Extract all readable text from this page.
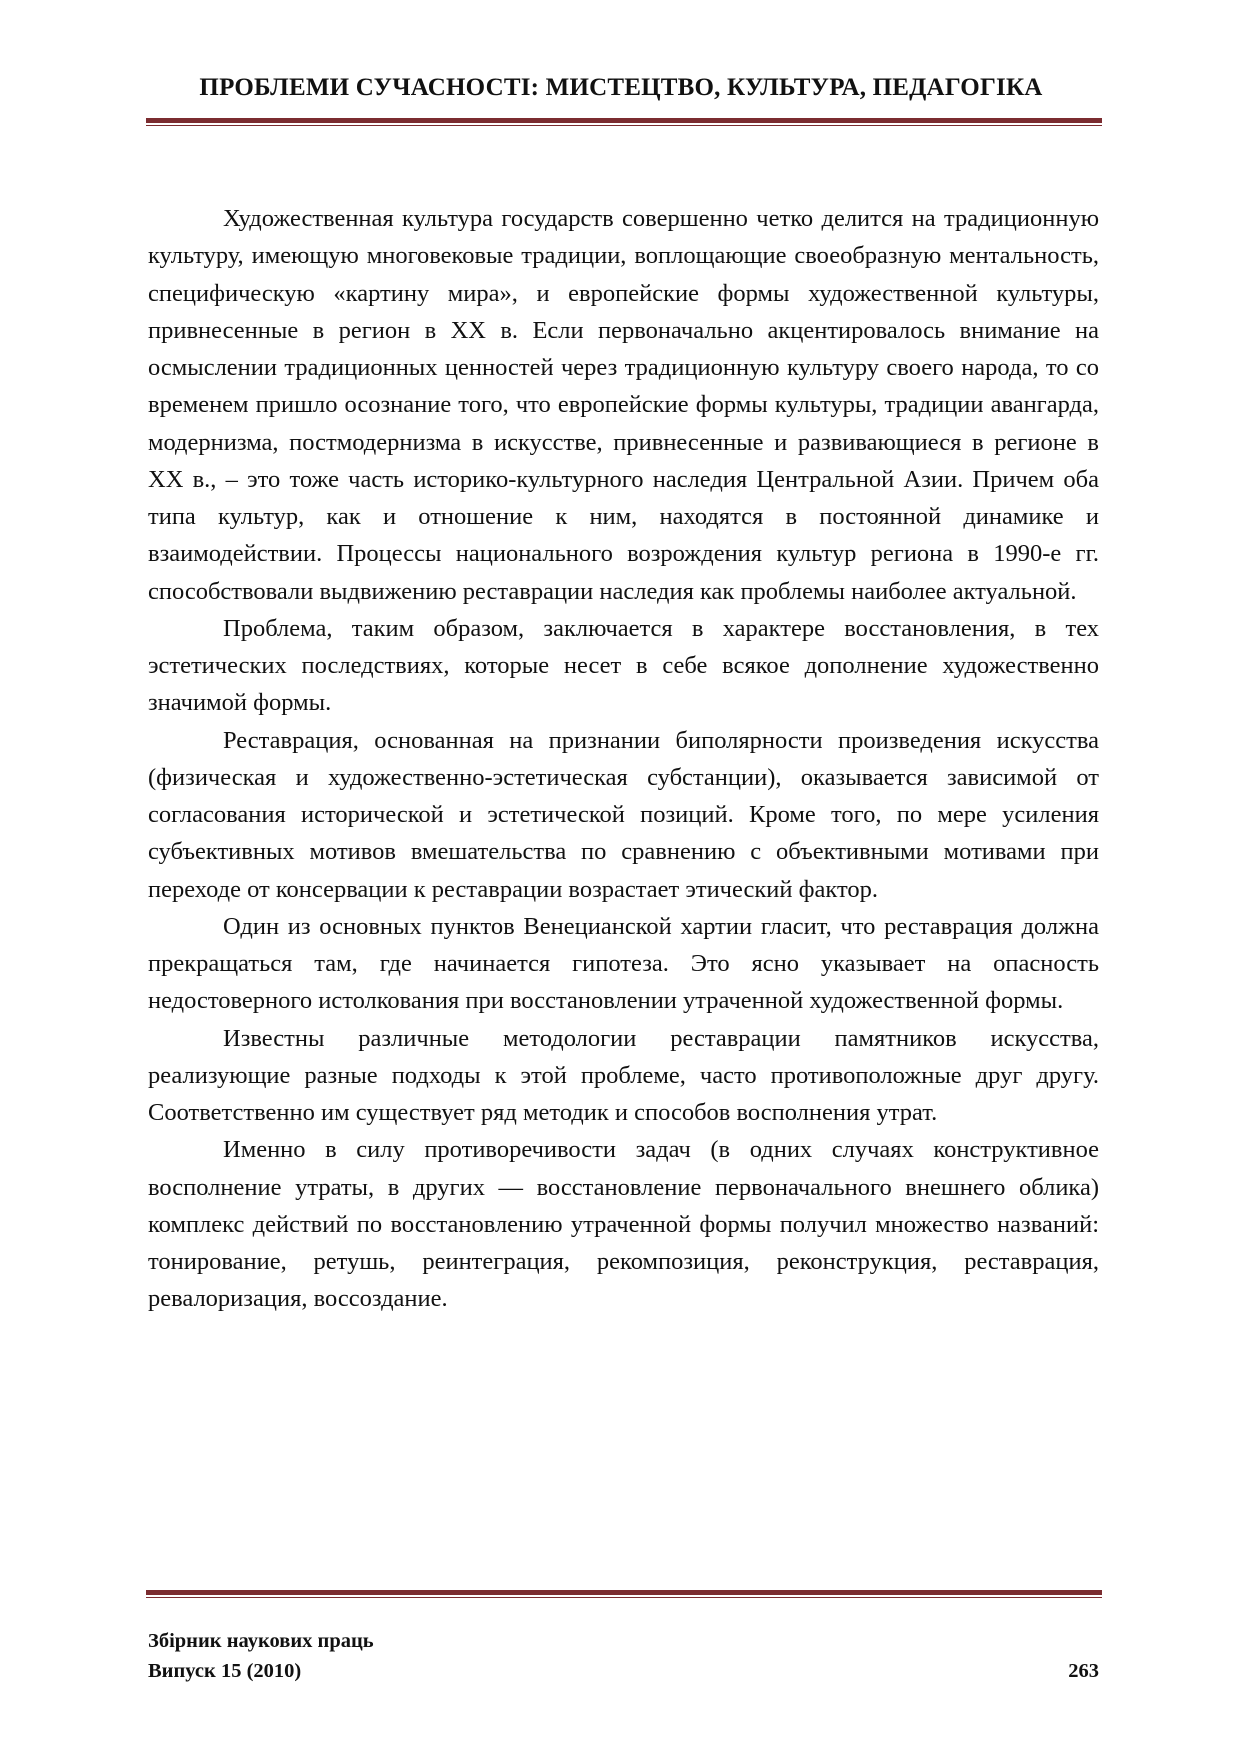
ПРОБЛЕМИ СУЧАСНОСТІ: МИСТЕЦТВО, КУЛЬТУРА, ПЕДАГОГІКА

Художественная культура государств совершенно четко делится на традиционную культуру, имеющую многовековые традиции, воплощающие своеобразную ментальность, специфическую «картину мира», и европейские формы художественной культуры, привнесенные в регион в ХХ в. Если первоначально акцентировалось внимание на осмыслении традиционных ценностей через традиционную культуру своего народа, то со временем пришло осознание того, что европейские формы культуры, традиции авангарда, модернизма, постмодернизма в искусстве, привнесенные и развивающиеся в регионе в ХХ в., – это тоже часть историко-культурного наследия Центральной Азии. Причем оба типа культур, как и отношение к ним, находятся в постоянной динамике и взаимодействии. Процессы национального возрождения культур региона в 1990-е гг. способствовали выдвижению реставрации наследия как проблемы наиболее актуальной.

Проблема, таким образом, заключается в характере восстановления, в тех эстетических последствиях, которые несет в себе всякое дополнение художественно значимой формы.

Реставрация, основанная на признании биполярности произведения искусства (физическая и художественно-эстетическая субстанции), оказывается зависимой от согласования исторической и эстетической позиций. Кроме того, по мере усиления субъективных мотивов вмешательства по сравнению с объективными мотивами при переходе от консервации к реставрации возрастает этический фактор.

Один из основных пунктов Венецианской хартии гласит, что реставрация должна прекращаться там, где начинается гипотеза. Это ясно указывает на опасность недостоверного истолкования при восстановлении утраченной художественной формы.

Известны различные методологии реставрации памятников искусства, реализующие разные подходы к этой проблеме, часто противоположные друг другу. Соответственно им существует ряд методик и способов восполнения утрат.

Именно в силу противоречивости задач (в одних случаях конструктивное восполнение утраты, в других — восстановление первоначального внешнего облика) комплекс действий по восстановлению утраченной формы получил множество названий: тонирование, ретушь, реинтеграция, рекомпозиция, реконструкция, реставрация, ревалоризация, воссоздание.

Збірник наукових праць
Випуск 15 (2010)	263
